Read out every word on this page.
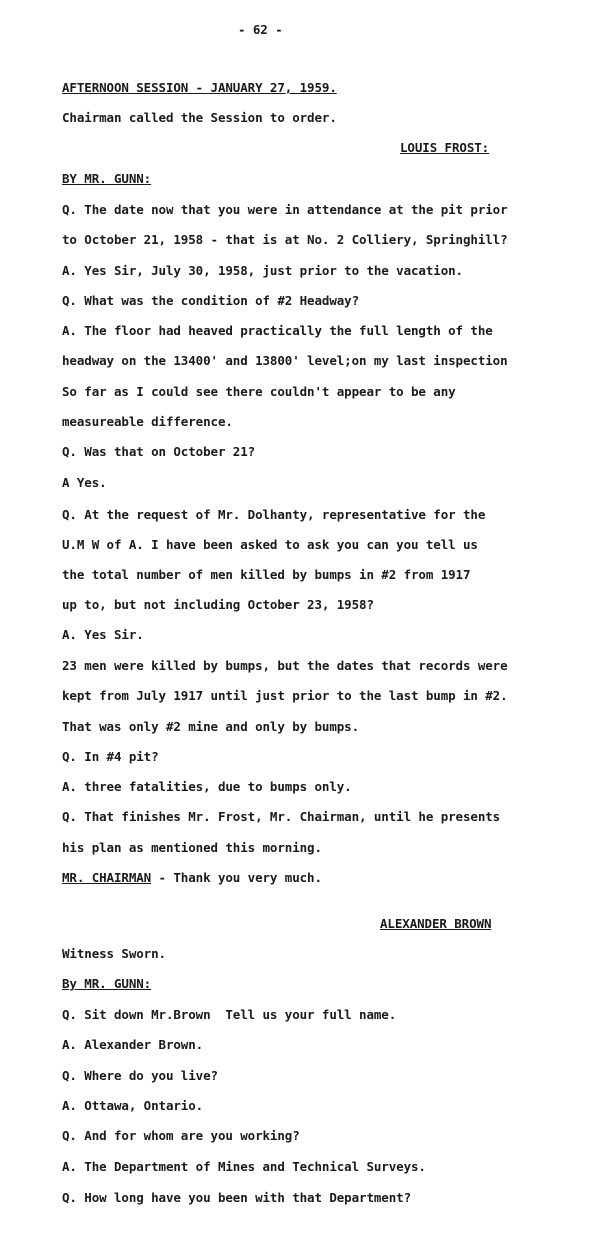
- 62 -
AFTERNOON SESSION - JANUARY 27, 1959.
Chairman called the Session to order.
LOUIS FROST:
BY MR. GUNN:
Q. The date now that you were in attendance at the pit prior
to October 21, 1958 - that is at No. 2 Colliery, Springhill?
A. Yes Sir, July 30, 1958, just prior to the vacation.
Q. What was the condition of #2 Headway?
A. The floor had heaved practically the full length of the
headway on the 13400' and 13800' level;on my last inspection
So far as I could see there couldn't appear to be any
measureable difference.
Q. Was that on October 21?
A Yes.
Q. At the request of Mr. Dolhanty, representative for the
U.M W of A. I have been asked to ask you can you tell us
the total number of men killed by bumps in #2 from 1917
up to, but not including October 23, 1958?
A. Yes Sir.
23 men were killed by bumps, but the dates that records were
kept from July 1917 until just prior to the last bump in #2.
That was only #2 mine and only by bumps.
Q. In #4 pit?
A. three fatalities, due to bumps only.
Q. That finishes Mr. Frost, Mr. Chairman, until he presents
his plan as mentioned this morning.
MR. CHAIRMAN - Thank you very much.
ALEXANDER BROWN
Witness Sworn.
By MR. GUNN:
Q. Sit down Mr.Brown  Tell us your full name.
A. Alexander Brown.
Q. Where do you live?
A. Ottawa, Ontario.
Q. And for whom are you working?
A. The Department of Mines and Technical Surveys.
Q. How long have you been with that Department?
